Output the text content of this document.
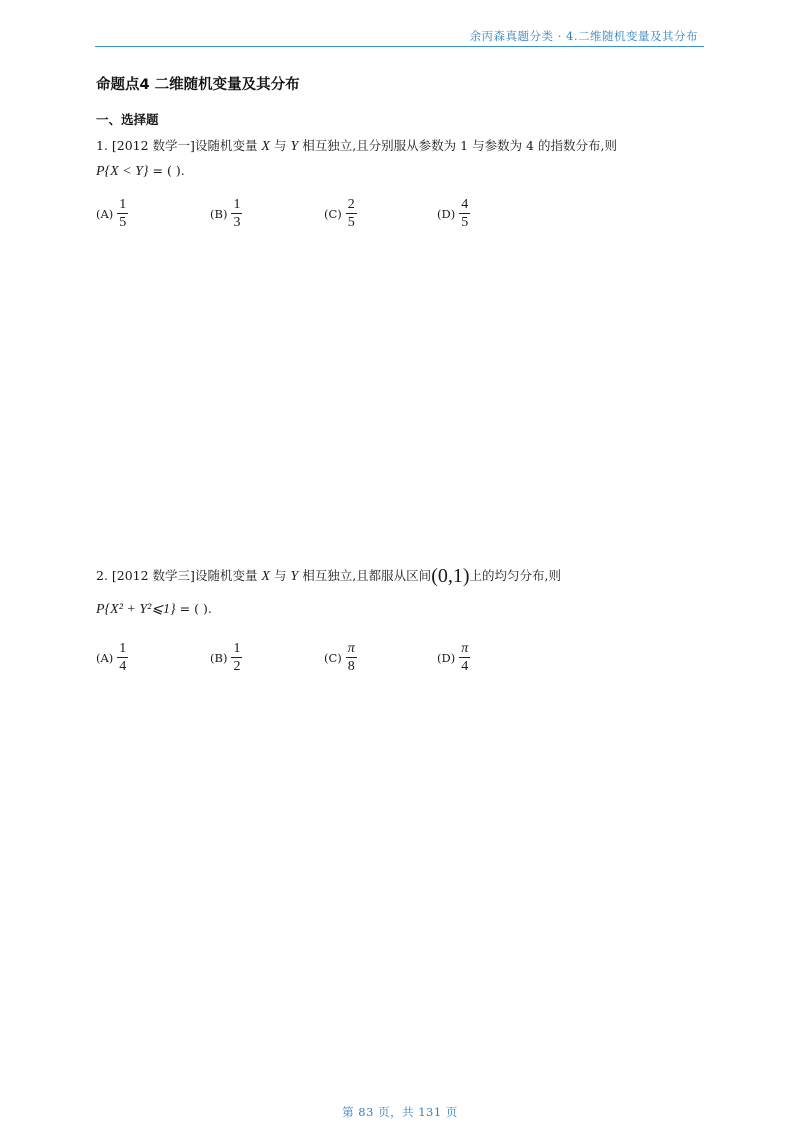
余丙森真题分类 · 4.二维随机变量及其分布
命题点4 二维随机变量及其分布
一、选择题
1. [2012 数学一]设随机变量 X 与 Y 相互独立,且分别服从参数为 1 与参数为 4 的指数分布,则
P{X < Y} = ( ).
$(A) \frac{1}{5}$	$(B) \frac{1}{3}$	$(C) \frac{2}{5}$	$(D) \frac{4}{5}$
2. [2012 数学三]设随机变量 X 与 Y 相互独立,且都服从区间(0,1)上的均匀分布,则
P{X² + Y²⩽1} = ( ).
$(A) \frac{1}{4}$	$(B) \frac{1}{2}$	$(C) \frac{\pi}{8}$	$(D) \frac{\pi}{4}$
第 83 页，共 131 页
